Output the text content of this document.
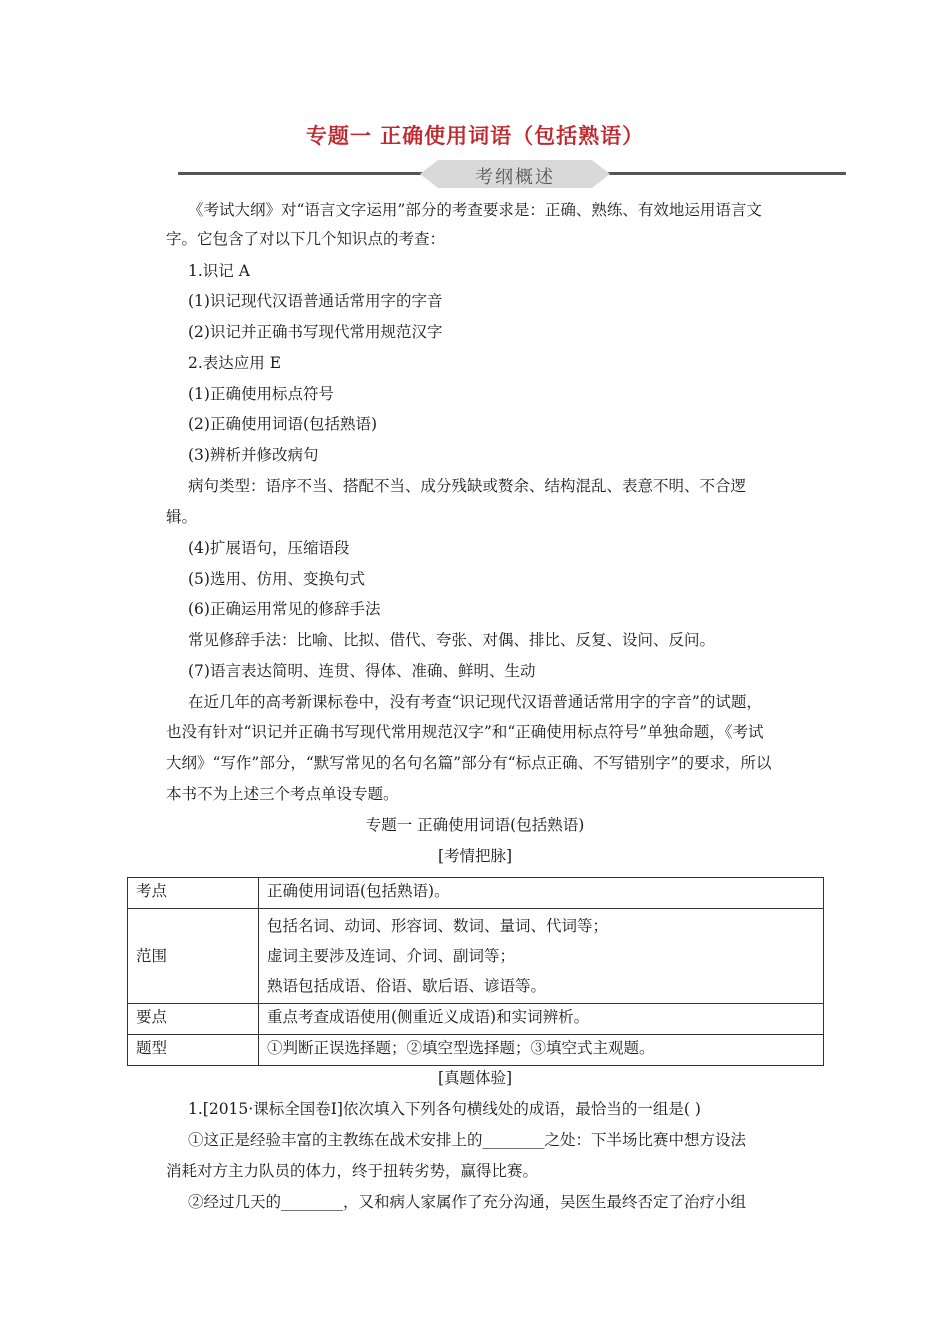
专题一 正确使用词语（包括熟语）
考纲概述
《考试大纲》对“语言文字运用”部分的考查要求是：正确、熟练、有效地运用语言文
字。它包含了对以下几个知识点的考查：
1.识记 A
(1)识记现代汉语普通话常用字的字音
(2)识记并正确书写现代常用规范汉字
2.表达应用 E
(1)正确使用标点符号
(2)正确使用词语(包括熟语)
(3)辨析并修改病句
病句类型：语序不当、搭配不当、成分残缺或赘余、结构混乱、表意不明、不合逻
辑。
(4)扩展语句，压缩语段
(5)选用、仿用、变换句式
(6)正确运用常见的修辞手法
常见修辞手法：比喻、比拟、借代、夸张、对偶、排比、反复、设问、反问。
(7)语言表达简明、连贯、得体、准确、鲜明、生动
在近几年的高考新课标卷中，没有考查“识记现代汉语普通话常用字的字音”的试题，
也没有针对“识记并正确书写现代常用规范汉字”和“正确使用标点符号”单独命题，《考试
大纲》“写作”部分，“默写常见的名句名篇”部分有“标点正确、不写错别字”的要求，所以
本书不为上述三个考点单设专题。
专题一 正确使用词语(包括熟语)
[考情把脉]
考点	正确使用词语(包括熟语)。
范围	包括名词、动词、形容词、数词、量词、代词等；
虚词主要涉及连词、介词、副词等；
熟语包括成语、俗语、歇后语、谚语等。

要点	重点考查成语使用(侧重近义成语)和实词辨析。
题型	①判断正误选择题；②填空型选择题；③填空式主观题。
[真题体验]
1.[2015·课标全国卷Ⅰ]依次填入下列各句横线处的成语，最恰当的一组是( )
①这正是经验丰富的主教练在战术安排上的________之处：下半场比赛中想方设法
消耗对方主力队员的体力，终于扭转劣势，赢得比赛。
②经过几天的________，又和病人家属作了充分沟通，吴医生最终否定了治疗小组
